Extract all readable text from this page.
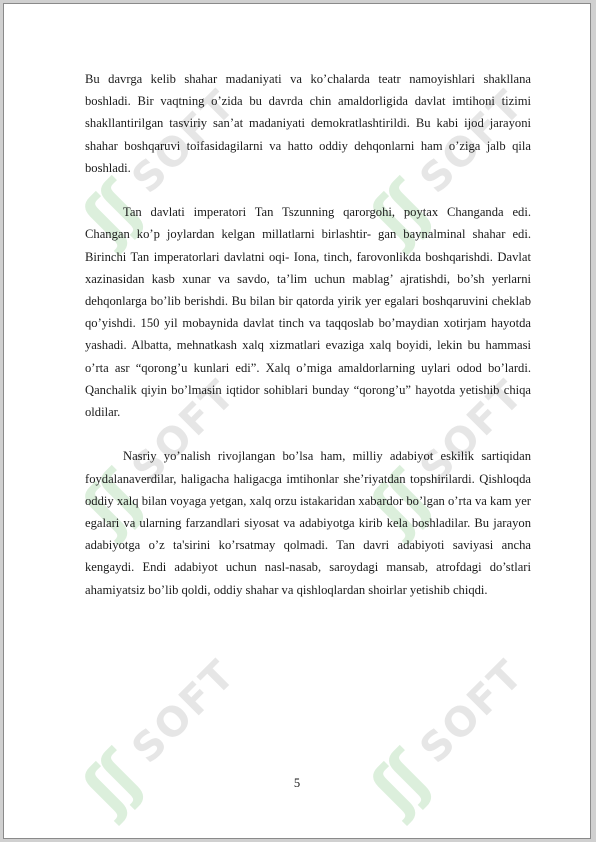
ʃʃ
SOFT
ʃʃ
SOFT
ʃʃ
SOFT
ʃʃ
SOFT
ʃʃ
SOFT
ʃʃ
SOFT

Bu davrga kelib shahar madaniyati va ko’chalarda teatr namoyishlari shakllana boshladi. Bir vaqtning o’zida bu davrda chin amaldorligida davlat imtihoni tizimi shakllantirilgan tasviriy san’at madaniyati demokratlashtirildi. Bu kabi ijod jarayoni shahar boshqaruvi toifasidagilarni va hatto oddiy dehqonlarni ham o’ziga jalb qila boshladi.

Tan davlati imperatori Tan Tszunning qarorgohi, poytax Changanda edi. Changan ko’p joylardan kelgan millatlarni birlashtir- gan baynalminal shahar edi. Birinchi Tan imperatorlari davlatni oqi- Iona, tinch, farovonlikda boshqarishdi. Davlat xazinasidan kasb xunar va savdo, ta’lim uchun mablag’ ajratishdi, bo’sh yerlarni dehqonlarga bo’lib berishdi. Bu bilan bir qatorda yirik yer egalari boshqaruvini cheklab qo’yishdi. 150 yil mobaynida davlat tinch va taqqoslab bo’maydian xotirjam hayotda yashadi. Albatta, mehnatkash xalq xizmatlari evaziga xalq boyidi, lekin bu hammasi o’rta asr “qorong’u kunlari edi”. Xalq o’miga amaldorlarning uylari odod bo’lardi. Qanchalik qiyin bo’lmasin iqtidor sohiblari bunday “qorong’u” hayotda yetishib chiqa oldilar.

Nasriy yo’nalish rivojlangan bo’lsa ham, milliy adabiyot eskilik sartiqidan foydalanaverdilar, haligacha haligacga imtihonlar she’riyatdan topshirilardi. Qishloqda oddiy xalq bilan voyaga yetgan, xalq orzu istakaridan xabardor bo’lgan o’rta va kam yer egalari va ularning farzandlari siyosat va adabiyotga kirib kela boshladilar. Bu jarayon adabiyotga o’z ta'sirini ko’rsatmay qolmadi. Tan davri adabiyoti saviyasi ancha kengaydi. Endi adabiyot uchun nasl-nasab, saroydagi mansab, atrofdagi do’stlari ahamiyatsiz bo’lib qoldi, oddiy shahar va qishloqlardan shoirlar yetishib chiqdi.

5
